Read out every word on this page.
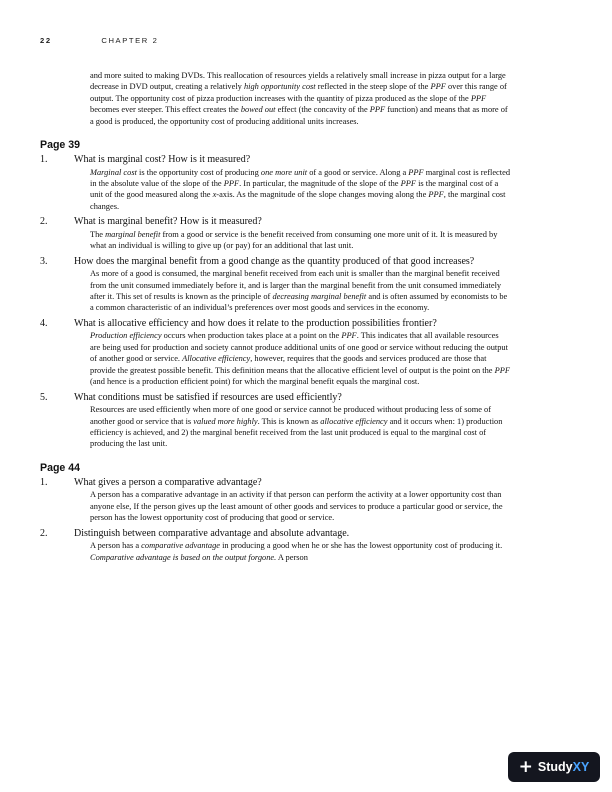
22	CHAPTER 2

and more suited to making DVDs. This reallocation of resources yields a relatively small increase in pizza output for a large decrease in DVD output, creating a relatively high opportunity cost reflected in the steep slope of the PPF over this range of output. The opportunity cost of pizza production increases with the quantity of pizza produced as the slope of the PPF becomes ever steeper. This effect creates the bowed out effect (the concavity of the PPF function) and means that as more of a good is produced, the opportunity cost of producing additional units increases.

Page 39
1.	What is marginal cost? How is it measured?

Marginal cost is the opportunity cost of producing one more unit of a good or service. Along a PPF marginal cost is reflected in the absolute value of the slope of the PPF. In particular, the magnitude of the slope of the PPF is the marginal cost of a unit of the good measured along the x-axis. As the magnitude of the slope changes moving along the PPF, the marginal cost changes.

2.	What is marginal benefit? How is it measured?

The marginal benefit from a good or service is the benefit received from consuming one more unit of it. It is measured by what an individual is willing to give up (or pay) for an additional that last unit.

3.	How does the marginal benefit from a good change as the quantity produced of that good increases?

As more of a good is consumed, the marginal benefit received from each unit is smaller than the marginal benefit received from the unit consumed immediately before it, and is larger than the marginal benefit from the unit consumed immediately after it. This set of results is known as the principle of decreasing marginal benefit and is often assumed by economists to be a common characteristic of an individual’s preferences over most goods and services in the economy.

4.	What is allocative efficiency and how does it relate to the production possibilities frontier?

Production efficiency occurs when production takes place at a point on the PPF. This indicates that all available resources are being used for production and society cannot produce additional units of one good or service without reducing the output of another good or service. Allocative efficiency, however, requires that the goods and services produced are those that provide the greatest possible benefit. This definition means that the allocative efficient level of output is the point on the PPF (and hence is a production efficient point) for which the marginal benefit equals the marginal cost.

5.	What conditions must be satisfied if resources are used efficiently?

Resources are used efficiently when more of one good or service cannot be produced without producing less of some of another good or service that is valued more highly. This is known as allocative efficiency and it occurs when: 1) production efficiency is achieved, and 2) the marginal benefit received from the last unit produced is equal to the marginal cost of producing the last unit.

Page 44
1.	What gives a person a comparative advantage?

A person has a comparative advantage in an activity if that person can perform the activity at a lower opportunity cost than anyone else, If the person gives up the least amount of other goods and services to produce a particular good or service, the person has the lowest opportunity cost of producing that good or service.

2.	Distinguish between comparative advantage and absolute advantage.

A person has a comparative advantage in producing a good when he or she has the lowest opportunity cost of producing it. Comparative advantage is based on the output forgone. A person

+ StudyXY
